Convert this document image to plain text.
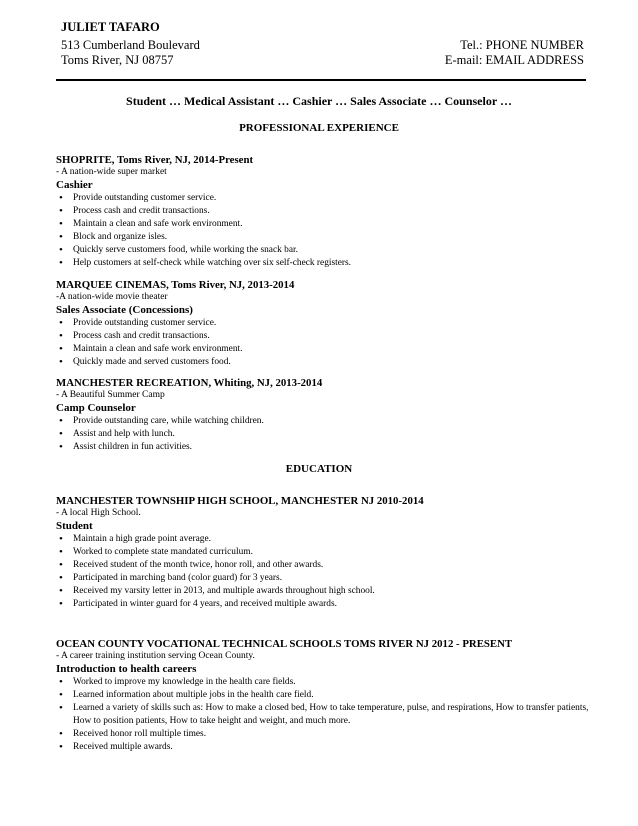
JULIET TAFARO
513 Cumberland Boulevard
Toms River, NJ 08757
Tel.: PHONE NUMBER
E-mail: EMAIL ADDRESS
Student … Medical Assistant … Cashier … Sales Associate … Counselor …
PROFESSIONAL EXPERIENCE
SHOPRITE, Toms River, NJ, 2014-Present
- A nation-wide super market
Cashier
• Provide outstanding customer service.
• Process cash and credit transactions.
• Maintain a clean and safe work environment.
• Block and organize isles.
• Quickly serve customers food, while working the snack bar.
• Help customers at self-check while watching over six self-check registers.
MARQUEE CINEMAS, Toms River, NJ, 2013-2014
-A nation-wide movie theater
Sales Associate (Concessions)
• Provide outstanding customer service.
• Process cash and credit transactions.
• Maintain a clean and safe work environment.
• Quickly made and served customers food.
MANCHESTER RECREATION, Whiting, NJ, 2013-2014
- A Beautiful Summer Camp
Camp Counselor
• Provide outstanding care, while watching children.
• Assist and help with lunch.
• Assist children in fun activities.
EDUCATION
MANCHESTER TOWNSHIP HIGH SCHOOL, MANCHESTER NJ 2010-2014
- A local High School.
Student
• Maintain a high grade point average.
• Worked to complete state mandated curriculum.
• Received student of the month twice, honor roll, and other awards.
• Participated in marching band (color guard) for 3 years.
• Received my varsity letter in 2013, and multiple awards throughout high school.
• Participated in winter guard for 4 years, and received multiple awards.
OCEAN COUNTY VOCATIONAL TECHNICAL SCHOOLS TOMS RIVER NJ 2012 - PRESENT
- A career training institution serving Ocean County.
Introduction to health careers
• Worked to improve my knowledge in the health care fields.
• Learned information about multiple jobs in the health care field.
• Learned a variety of skills such as: How to make a closed bed, How to take temperature, pulse, and respirations, How to transfer patients, How to position patients, How to take height and weight, and much more.
• Received honor roll multiple times.
• Received multiple awards.
